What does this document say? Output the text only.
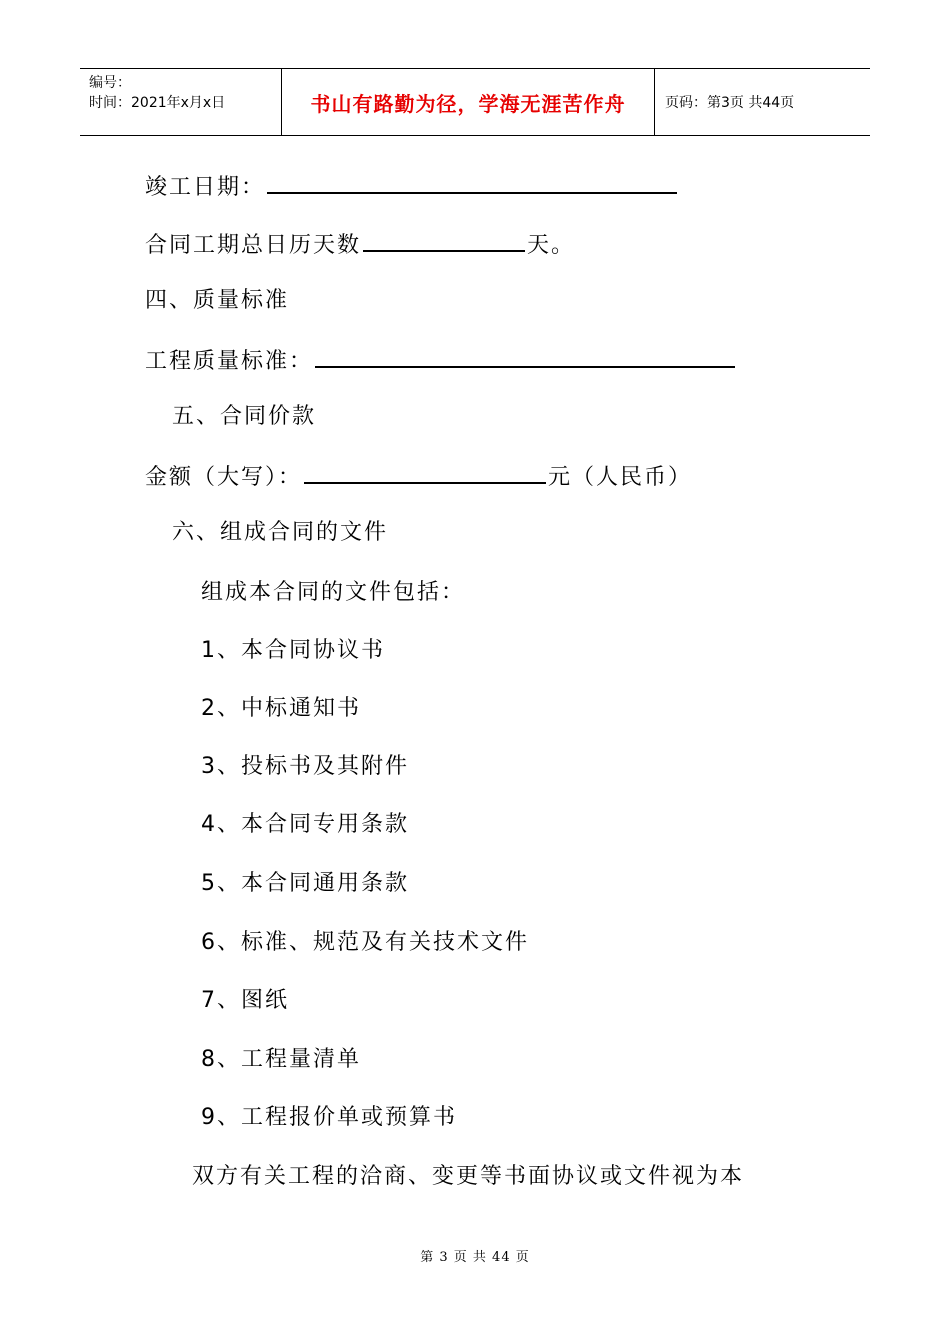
编号：
时间：2021年x月x日	书山有路勤为径，学海无涯苦作舟	页码：第3页 共44页
竣工日期：
合同工期总日历天数	天。
四、质量标准
工程质量标准：
五、合同价款
金额（大写）：	元（人民币）
六、组成合同的文件
组成本合同的文件包括：
1、本合同协议书
2、中标通知书
3、投标书及其附件
4、本合同专用条款
5、本合同通用条款
6、标准、规范及有关技术文件
7、图纸
8、工程量清单
9、工程报价单或预算书
双方有关工程的洽商、变更等书面协议或文件视为本
第 3 页 共 44 页
